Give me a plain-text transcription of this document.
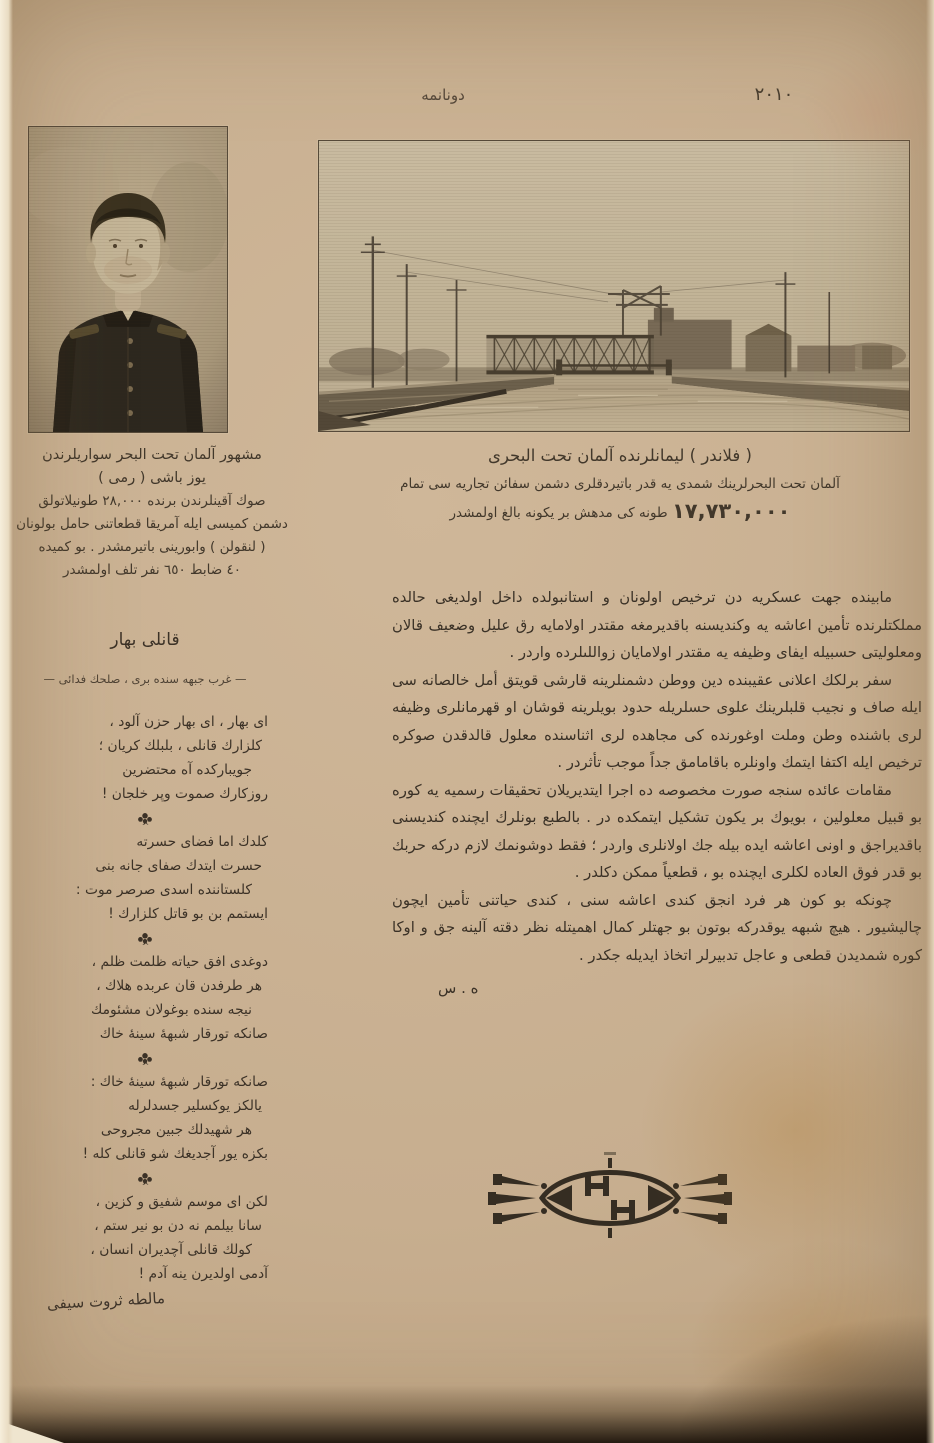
دونانمه	٢٠١٠
( فلاندر ) ليمانلرنده آلمان تحت البحرى
آلمان تحت البحرلرينك شمدى يه قدر باتيردقلرى دشمن سفائن تجاريه سى تمام
١٧,٧٣٠,٠٠٠ طونه كى مدهش بر يكونه بالغ اولمشدر
مشهور آلمان تحت البحر سواريلرندن
يوز باشى ( رمى )
صوك آقينلرندن برنده ٢٨,٠٠٠ طونيلاتولق
دشمن كميسى ايله آمريقا قطعاتنى حامل بولونان
( لنقولن ) وابورينى باتيرمشدر . بو كميده
٤٠ ضابط ٦٥٠ نفر تلف اولمشدر
قانلى بهار
— غرب جبهه سنده برى ، صلحك فدائى —
اى بهار ، اى بهار حزن آلود ،
كلزارك قانلى ، بلبلك كريان ؛
جويباركده آه محتضرين
روزكارك صموت وپر خلجان !
كلدك اما فضاى حسرته
حسرت ايتدك صفاى جانه بنى
كلستاننده اسدى صرصر موت :
ايستمم بن بو قاتل كلزارك !
دوغدى افق حياته ظلمت ظلم ،
هر طرفدن قان عربده هلاك ،
نيجه سنده بوغولان مشئومك
صانكه تورقار شبههٔ سينهٔ خاك
صانكه تورقار شبههٔ سينهٔ خاك :
يالكز يوكسلير جسدلرله
هر شهيدلك جبين مجروحى
بكزه يور آجديغك شو قانلى كله !
لكن اى موسم شفيق و كزين ،
سانا بيلمم نه دن بو نير ستم ،
كولك قانلى آچديران انسان ،
آدمى اولديرن ينه آدم !
مالطه ثروت سيفى

مابينده جهت عسكريه دن ترخيص اولونان و استانبولده داخل اولديغى حالده مملكتلرنده تأمين اعاشه يه وكنديسنه باقديرمغه مقتدر اولامايه رق عليل وضعيف قالان ومعلوليتى حسبيله ايفاى وظيفه يه مقتدر اولامايان زواللىلرده واردر .

سفر برلكك اعلانى عقيبنده دين ووطن دشمنلرينه قارشى قويتق أمل خالصانه سى ايله صاف و نجيب قلبلرينك علوى حسلريله حدود بويلرينه قوشان او قهرمانلرى وظيفه لرى باشنده وطن وملت اوغورنده كى مجاهده لرى اثناسنده معلول قالدقدن صوكره ترخيص ايله اكتفا ايتمك واونلره باقامامق جداً موجب تأثردر .

مقامات عائده سنجه صورت مخصوصه ده اجرا ايتديريلان تحقيقات رسميه يه كوره بو قبيل معلولين ، بويوك بر يكون تشكيل ايتمكده در . بالطبع بونلرك ايچنده كنديسنى باقديراجق و اونى اعاشه ايده بيله جك اولانلرى واردر ؛ فقط دوشونمك لازم دركه حربك بو قدر فوق العاده لكلرى ايچنده بو ، قطعياً ممكن دكلدر .

چونكه بو كون هر فرد انجق كندى اعاشه سنى ، كندى حياتنى تأمين ايچون چاليشيور . هيچ شبهه يوقدركه بوتون بو جهتلر كمال اهميتله نظر دقته آلينه جق و اوكا كوره شمديدن قطعى و عاجل تدبيرلر اتخاذ ايديله جكدر .

ه . س
